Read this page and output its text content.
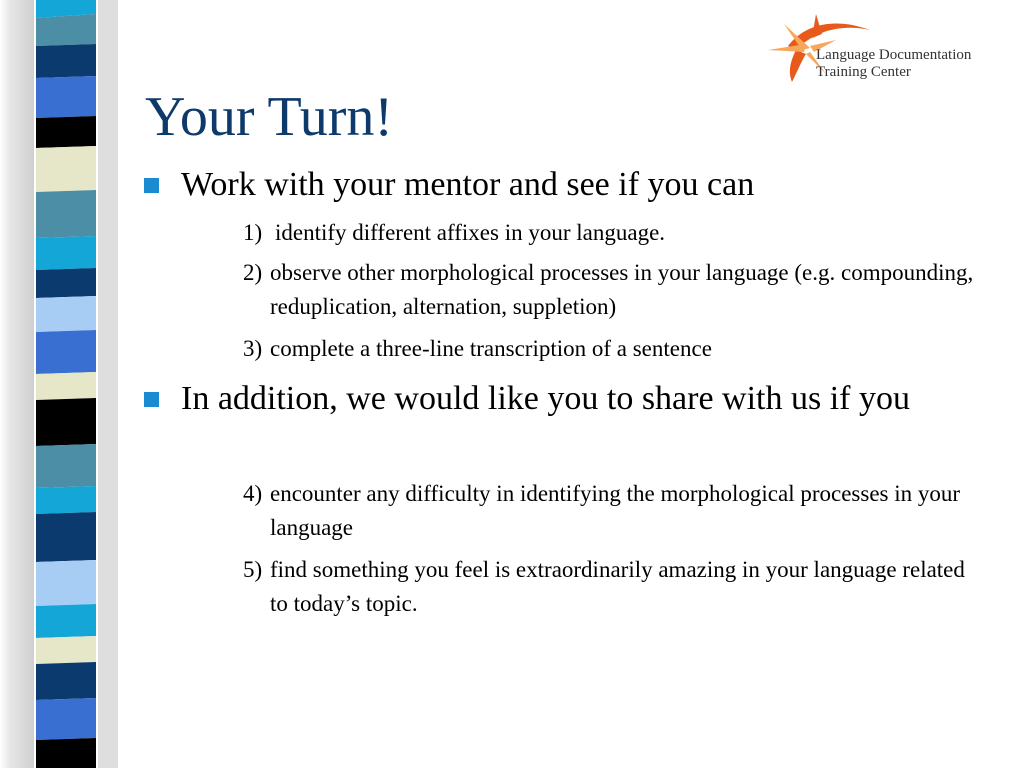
Language Documentation
Training Center
Your Turn!
Work with your mentor and see if you can
1) identify different affixes in your language.
2) observe other morphological processes in your language (e.g. compounding, reduplication, alternation, suppletion)
3) complete a three-line transcription of a sentence
In addition, we would like you to share with us if you
4) encounter any difficulty in identifying the morphological processes in your language
5) find something you feel is extraordinarily amazing in your language related to today’s topic.
